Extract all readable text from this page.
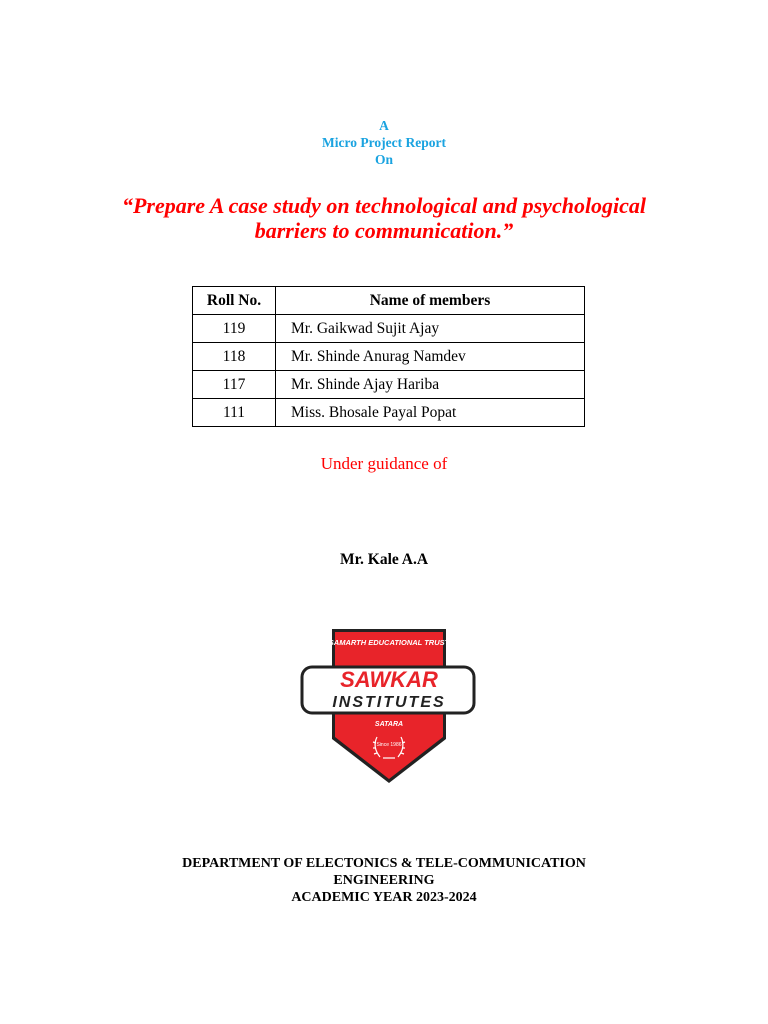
A
Micro Project Report
On
“Prepare A case study on technological and psychological
barriers to communication.”
Roll No.	Name of members
119	Mr. Gaikwad Sujit Ajay
118	Mr. Shinde Anurag Namdev
117	Mr. Shinde Ajay Hariba
111	Miss. Bhosale Payal Popat
Under guidance of
Mr. Kale A.A
SAMARTH EDUCATIONAL TRUST
SAWKAR
INSTITUTES
SATARA
Since 1986
DEPARTMENT OF ELECTONICS & TELE-COMMUNICATION
ENGINEERING
ACADEMIC YEAR 2023-2024
